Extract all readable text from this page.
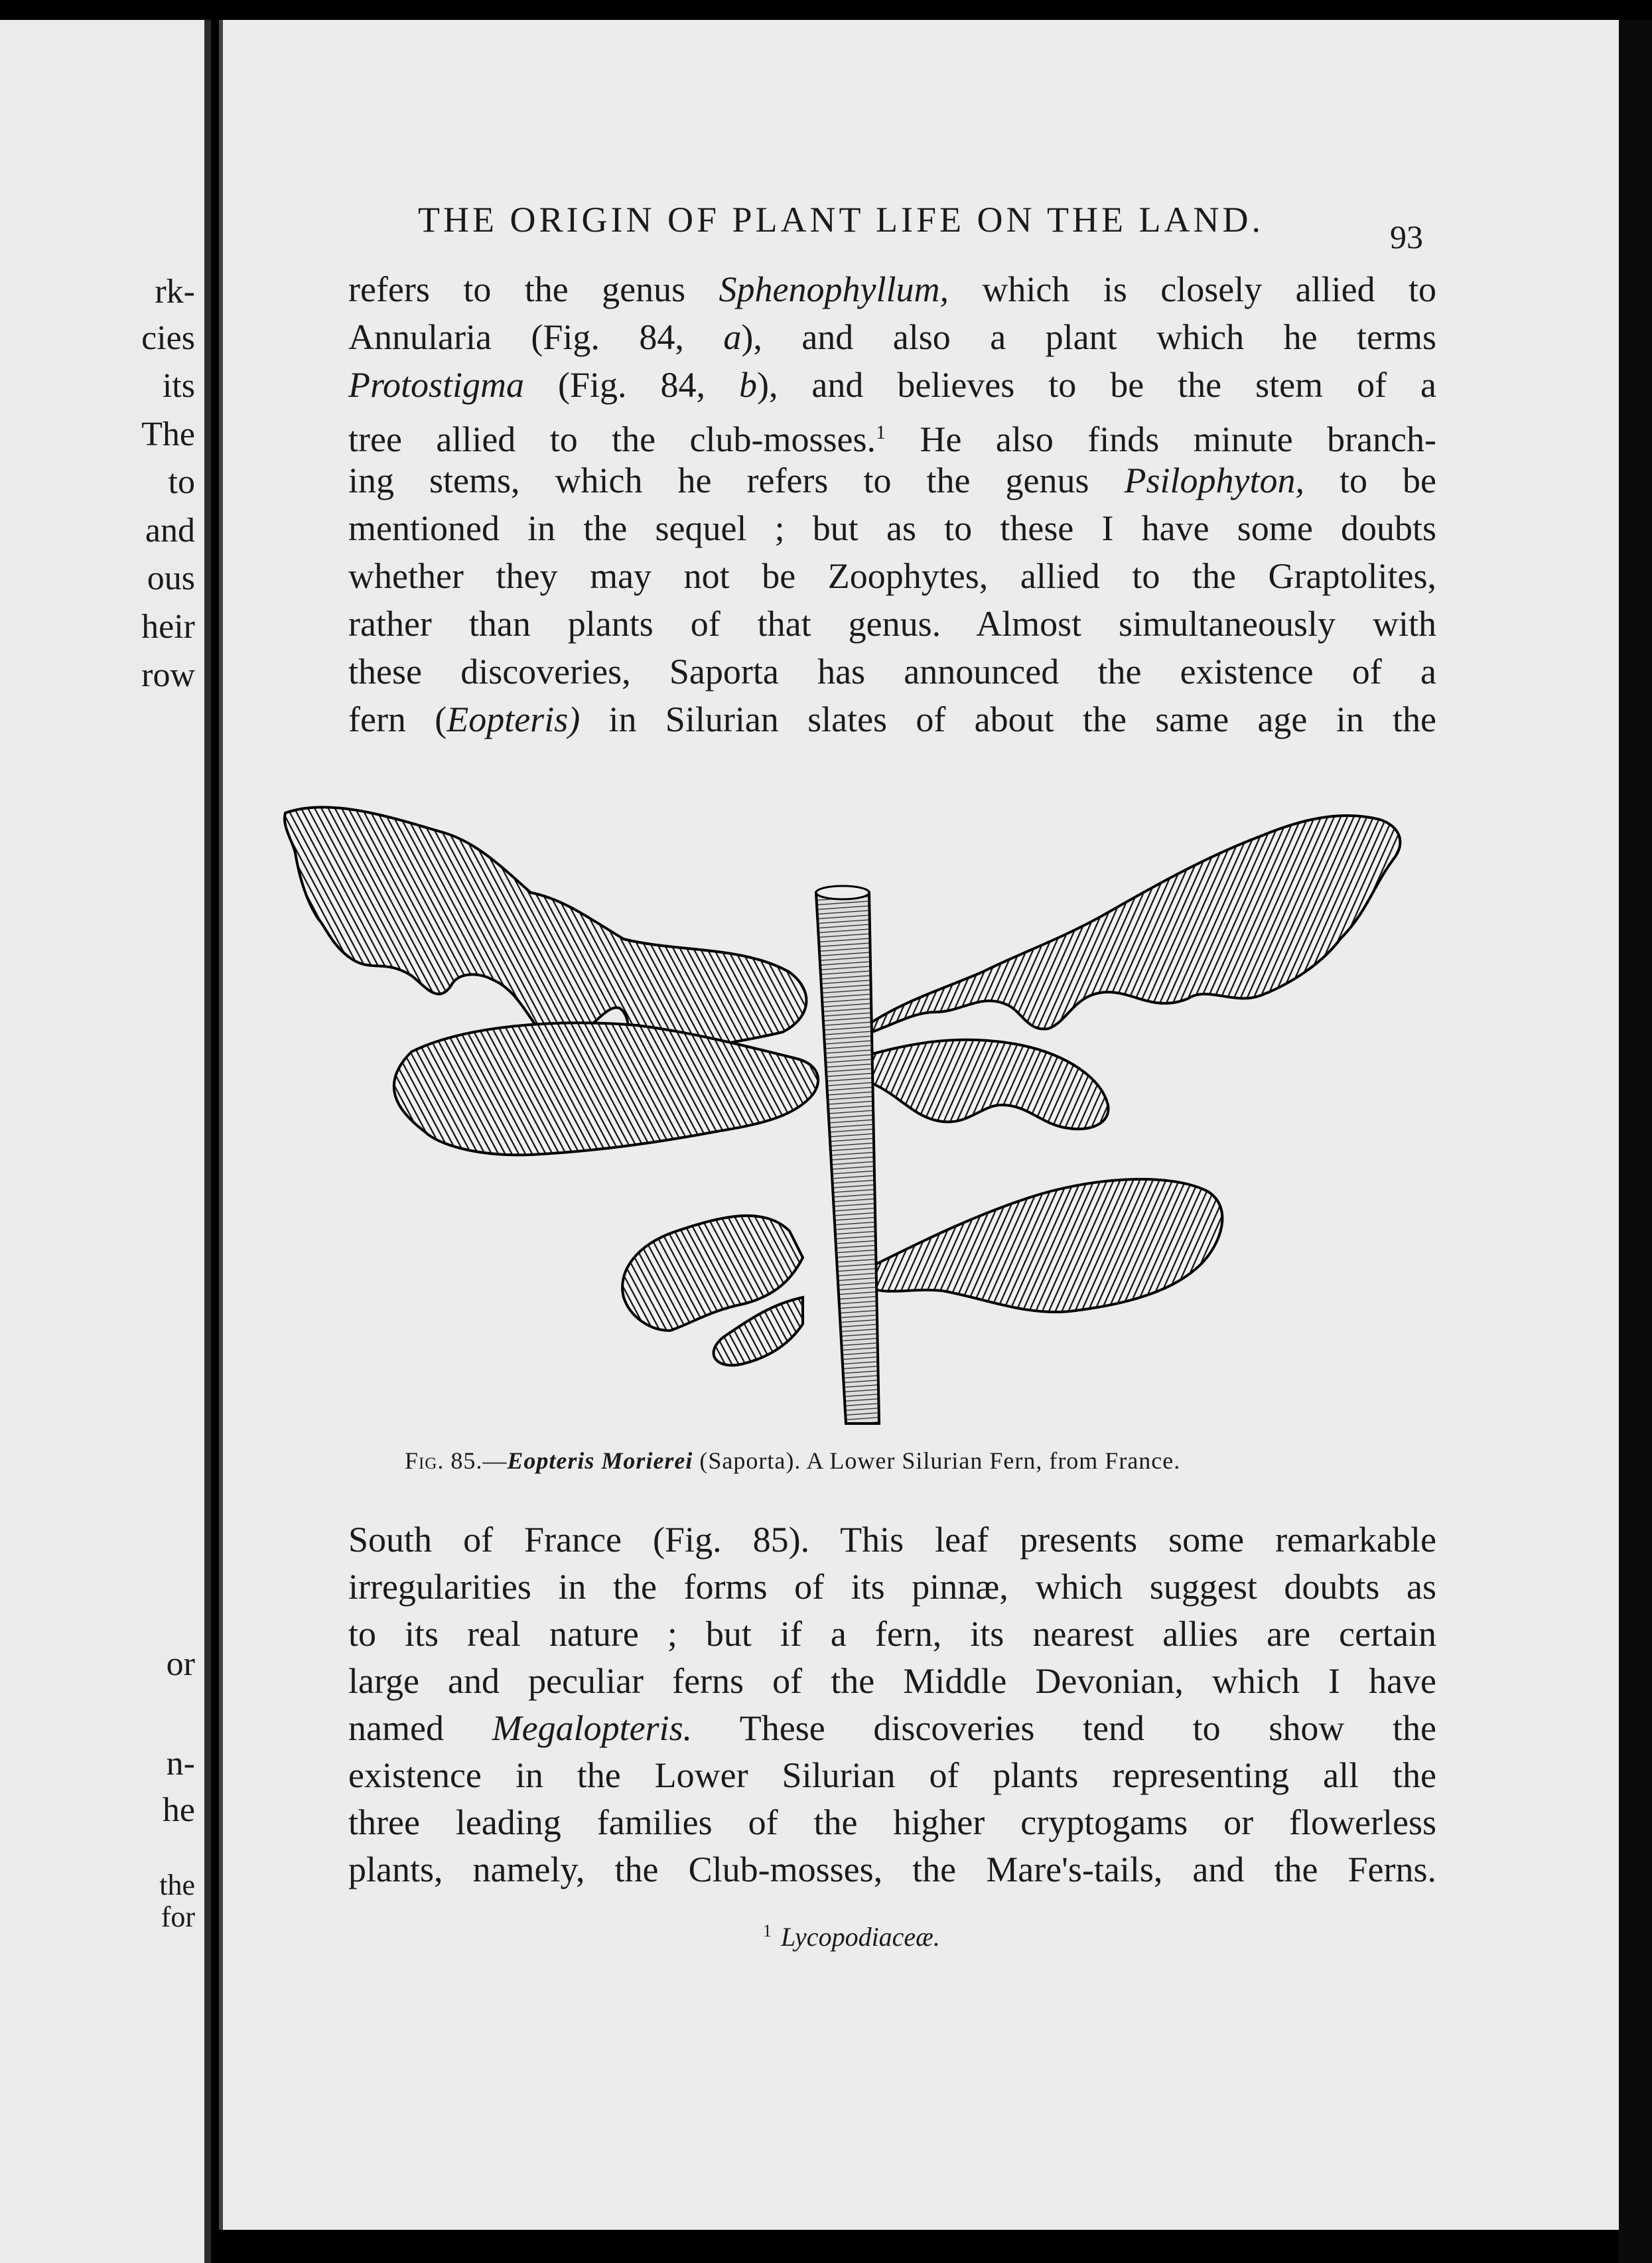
rk-
cies
its
The
to
and
ous
heir
row
or
n-
he
the
for
THE ORIGIN OF PLANT LIFE ON THE LAND.	93
refers to the genus Sphenophyllum, which is closely allied to
Annularia (Fig. 84, a), and also a plant which he terms
Protostigma (Fig. 84, b), and believes to be the stem of a
tree allied to the club-mosses.$^1$ He also finds minute branch-
ing stems, which he refers to the genus Psilophyton, to be
mentioned in the sequel ; but as to these I have some doubts
whether they may not be Zoophytes, allied to the Graptolites,
rather than plants of that genus. Almost simultaneously with
these discoveries, Saporta has announced the existence of a
fern (Eopteris) in Silurian slates of about the same age in the
Fig. 85.—Eopteris Morierei (Saporta). A Lower Silurian Fern, from France.
South of France (Fig. 85). This leaf presents some remarkable
irregularities in the forms of its pinnæ, which suggest doubts as
to its real nature ; but if a fern, its nearest allies are certain
large and peculiar ferns of the Middle Devonian, which I have
named Megalopteris. These discoveries tend to show the
existence in the Lower Silurian of plants representing all the
three leading families of the higher cryptogams or flowerless
plants, namely, the Club-mosses, the Mare's-tails, and the Ferns.
$^1$ Lycopodiaceæ.
